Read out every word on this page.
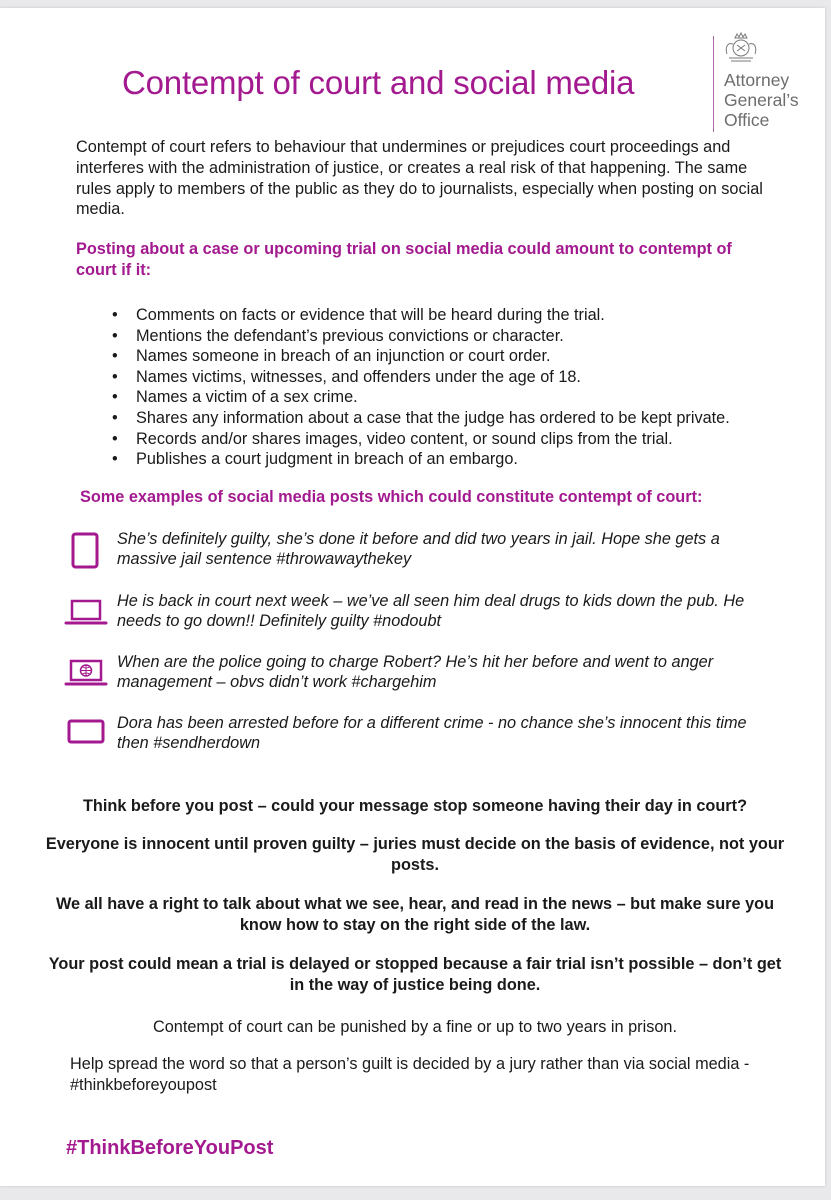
Contempt of court and social media	Attorney
General’s
Office

Contempt of court refers to behaviour that undermines or prejudices court proceedings and interferes with the administration of justice, or creates a real risk of that happening. The same rules apply to members of the public as they do to journalists, especially when posting on social media.

Posting about a case or upcoming trial on social media could amount to contempt of court if it:

• Comments on facts or evidence that will be heard during the trial.
• Mentions the defendant’s previous convictions or character.
• Names someone in breach of an injunction or court order.
• Names victims, witnesses, and offenders under the age of 18.
• Names a victim of a sex crime.
• Shares any information about a case that the judge has ordered to be kept private.
• Records and/or shares images, video content, or sound clips from the trial.
• Publishes a court judgment in breach of an embargo.

Some examples of social media posts which could constitute contempt of court:

She’s definitely guilty, she’s done it before and did two years in jail. Hope she gets a massive jail sentence #throwawaythekey
He is back in court next week – we’ve all seen him deal drugs to kids down the pub. He needs to go down!! Definitely guilty #nodoubt
When are the police going to charge Robert? He’s hit her before and went to anger management – obvs didn’t work #chargehim
Dora has been arrested before for a different crime - no chance she’s innocent this time then #sendherdown

Think before you post – could your message stop someone having their day in court?

Everyone is innocent until proven guilty – juries must decide on the basis of evidence, not your posts.

We all have a right to talk about what we see, hear, and read in the news – but make sure you know how to stay on the right side of the law.

Your post could mean a trial is delayed or stopped because a fair trial isn’t possible – don’t get in the way of justice being done.

Contempt of court can be punished by a fine or up to two years in prison.

Help spread the word so that a person’s guilt is decided by a jury rather than via social media - #thinkbeforeyoupost

#ThinkBeforeYouPost
